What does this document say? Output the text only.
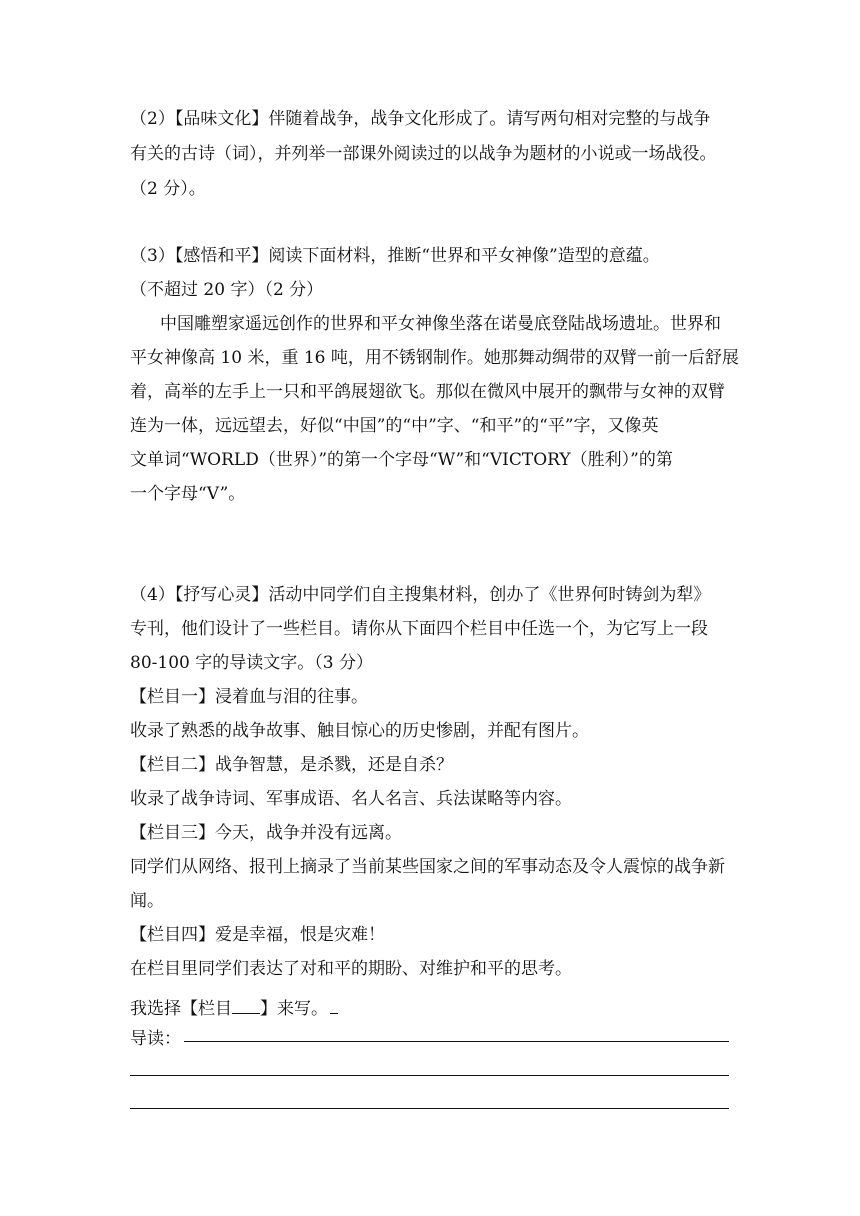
（2）【品味文化】伴随着战争，战争文化形成了。请写两句相对完整的与战争
有关的古诗（词），并列举一部课外阅读过的以战争为题材的小说或一场战役。
（2 分）。
（3）【感悟和平】阅读下面材料，推断“世界和平女神像”造型的意蕴。
（不超过 20 字）（2 分）
中国雕塑家遥远创作的世界和平女神像坐落在诺曼底登陆战场遗址。世界和
平女神像高 10 米，重 16 吨，用不锈钢制作。她那舞动绸带的双臂一前一后舒展
着，高举的左手上一只和平鸽展翅欲飞。那似在微风中展开的飘带与女神的双臂
连为一体，远远望去，好似“中国”的“中”字、“和平”的“平”字，又像英
文单词“WORLD（世界）”的第一个字母“W”和“VICTORY（胜利）”的第
一个字母“V”。
（4）【抒写心灵】活动中同学们自主搜集材料，创办了《世界何时铸剑为犁》
专刊，他们设计了一些栏目。请你从下面四个栏目中任选一个，为它写上一段
80-100 字的导读文字。（3 分）
【栏目一】浸着血与泪的往事。
收录了熟悉的战争故事、触目惊心的历史惨剧，并配有图片。
【栏目二】战争智慧，是杀戮，还是自杀？
收录了战争诗词、军事成语、名人名言、兵法谋略等内容。
【栏目三】今天，战争并没有远离。
同学们从网络、报刊上摘录了当前某些国家之间的军事动态及令人震惊的战争新
闻。
【栏目四】爱是幸福，恨是灾难！
在栏目里同学们表达了对和平的期盼、对维护和平的思考。
我选择【栏目 】来写。
导读：
